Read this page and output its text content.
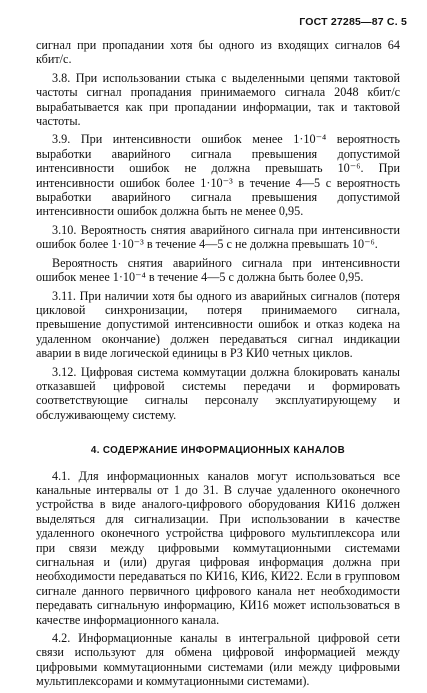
ГОСТ 27285—87 С. 5

сигнал при пропадании хотя бы одного из входящих сигналов 64 кбит/с.

3.8. При использовании стыка с выделенными цепями тактовой частоты сигнал пропадания принимаемого сигнала 2048 кбит/с вырабатывается как при пропадании информации, так и тактовой частоты.

3.9. При интенсивности ошибок менее 1·10⁻⁴ вероятность выработки аварийного сигнала превышения допустимой интенсивности ошибок не должна превышать 10⁻⁶. При интенсивности ошибок более 1·10⁻³ в течение 4—5 с вероятность выработки аварийного сигнала превышения допустимой интенсивности ошибок должна быть не менее 0,95.

3.10. Вероятность снятия аварийного сигнала при интенсивности ошибок более 1·10⁻³ в течение 4—5 с не должна превышать 10⁻⁶.

Вероятность снятия аварийного сигнала при интенсивности ошибок менее 1·10⁻⁴ в течение 4—5 с должна быть более 0,95.

3.11. При наличии хотя бы одного из аварийных сигналов (потеря цикловой синхронизации, потеря принимаемого сигнала, превышение допустимой интенсивности ошибок и отказ кодека на удаленном окончание) должен передаваться сигнал индикации аварии в виде логической единицы в РЗ КИ0 четных циклов.

3.12. Цифровая система коммутации должна блокировать каналы отказавшей цифровой системы передачи и формировать соответствующие сигналы персоналу эксплуатирующему и обслуживающему систему.

4. СОДЕРЖАНИЕ ИНФОРМАЦИОННЫХ КАНАЛОВ

4.1. Для информационных каналов могут использоваться все канальные интервалы от 1 до 31. В случае удаленного оконечного устройства в виде аналого-цифрового оборудования КИ16 должен выделяться для сигнализации. При использовании в качестве удаленного оконечного устройства цифрового мультиплексора или при связи между цифровыми коммутационными системами сигнальная и (или) другая цифровая информация должна при необходимости передаваться по КИ16, КИ6, КИ22. Если в групповом сигнале данного первичного цифрового канала нет необходимости передавать сигнальную информацию, КИ16 может использоваться в качестве информационного канала.

4.2. Информационные каналы в интегральной цифровой сети связи используют для обмена цифровой информацией между цифровыми коммутационными системами (или между цифровыми мультиплексорами и коммутационными системами).
